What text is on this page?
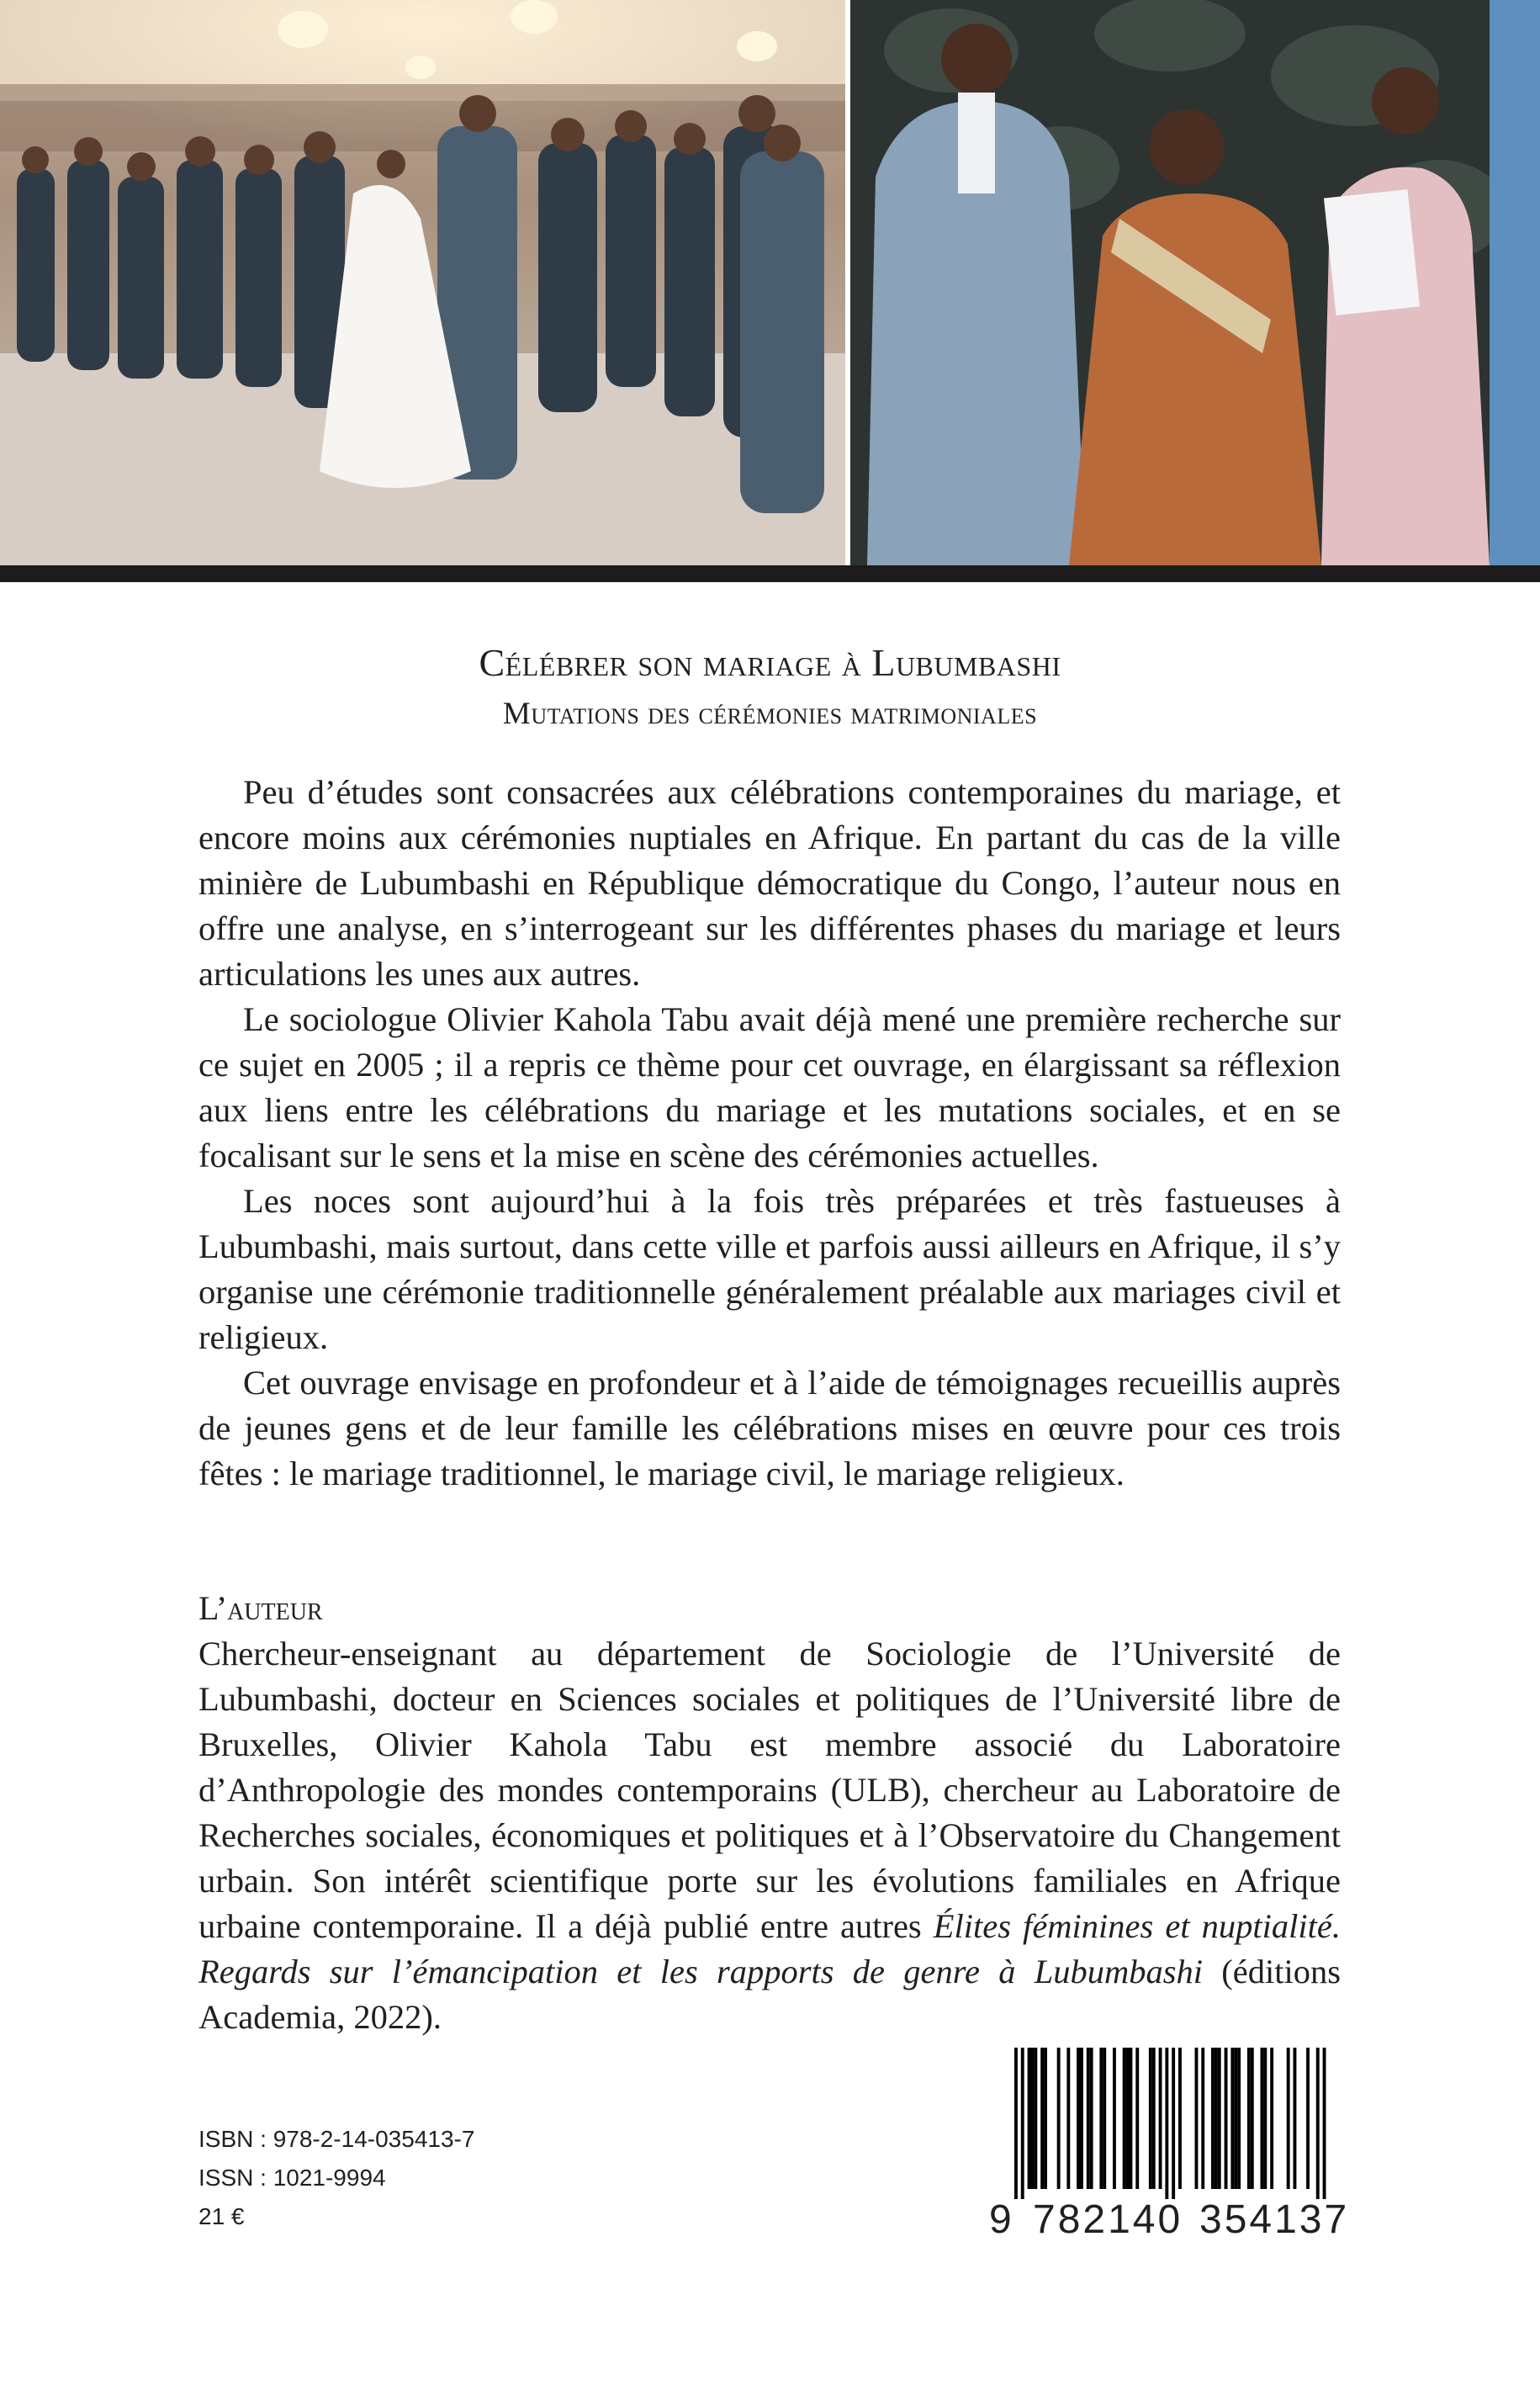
Célébrer son mariage à Lubumbashi
Mutations des cérémonies matrimoniales

Peu d’études sont consacrées aux célébrations contemporaines du mariage, et encore moins aux cérémonies nuptiales en Afrique. En partant du cas de la ville minière de Lubumbashi en République démocratique du Congo, l’auteur nous en offre une analyse, en s’interrogeant sur les différentes phases du mariage et leurs articulations les unes aux autres.

Le sociologue Olivier Kahola Tabu avait déjà mené une première recherche sur ce sujet en 2005 ; il a repris ce thème pour cet ouvrage, en élargissant sa réflexion aux liens entre les célébrations du mariage et les mutations sociales, et en se focalisant sur le sens et la mise en scène des cérémonies actuelles.

Les noces sont aujourd’hui à la fois très préparées et très fastueuses à Lubumbashi, mais surtout, dans cette ville et parfois aussi ailleurs en Afrique, il s’y organise une cérémonie traditionnelle généralement préalable aux mariages civil et religieux.

Cet ouvrage envisage en profondeur et à l’aide de témoignages recueillis auprès de jeunes gens et de leur famille les célébrations mises en œuvre pour ces trois fêtes : le mariage traditionnel, le mariage civil, le mariage religieux.

L’auteur

Chercheur-enseignant au département de Sociologie de l’Université de Lubumbashi, docteur en Sciences sociales et politiques de l’Université libre de Bruxelles, Olivier Kahola Tabu est membre associé du Laboratoire d’Anthropologie des mondes contemporains (ULB), chercheur au Laboratoire de Recherches sociales, économiques et politiques et à l’Observatoire du Changement urbain. Son intérêt scientifique porte sur les évolutions familiales en Afrique urbaine contemporaine. Il a déjà publié entre autres Élites féminines et nuptialité. Regards sur l’émancipation et les rapports de genre à Lubumbashi (éditions Academia, 2022).

ISBN : 978-2-14-035413-7
ISSN : 1021-9994
21 €	9 782140 354137
